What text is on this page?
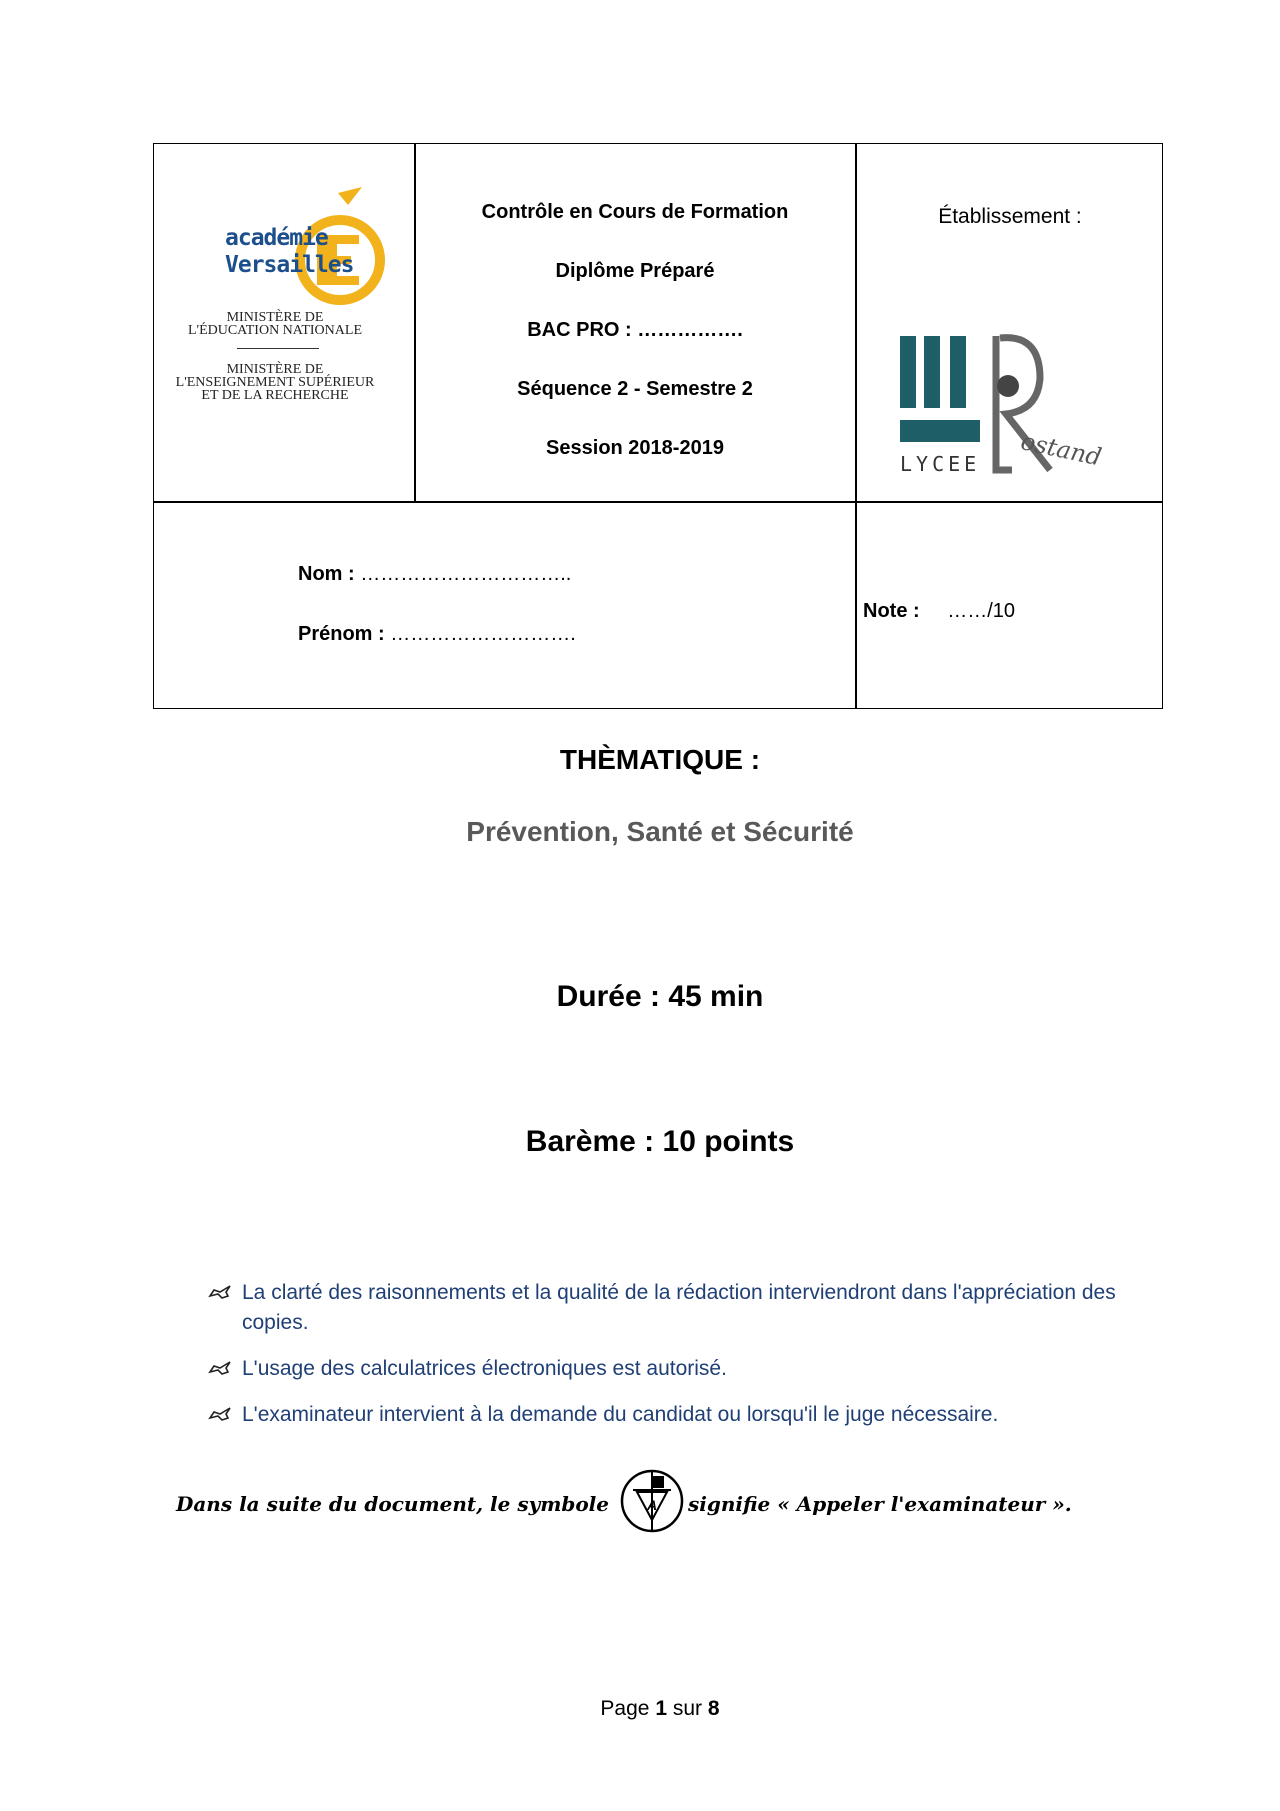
académie
Versailles
MINISTÈRE DE
L'ÉDUCATION NATIONALE
MINISTÈRE DE
L'ENSEIGNEMENT SUPÉRIEUR
ET DE LA RECHERCHE
Contrôle en Cours de Formation
Diplôme Préparé
BAC PRO : …………….
Séquence 2 - Semestre 2
Session 2018-2019
Établissement :
LYCEE ostand
Nom : …………………………..
Prénom : ……………………….
Note : ……/10
THÈMATIQUE :
Prévention, Santé et Sécurité
Durée : 45 min
Barème : 10 points
La clarté des raisonnements et la qualité de la rédaction interviendront dans l'appréciation des copies.
L'usage des calculatrices électroniques est autorisé.
L'examinateur intervient à la demande du candidat ou lorsqu'il le juge nécessaire.
Dans la suite du document, le symbole	A signifie « Appeler l'examinateur ».
Page 1 sur 8
